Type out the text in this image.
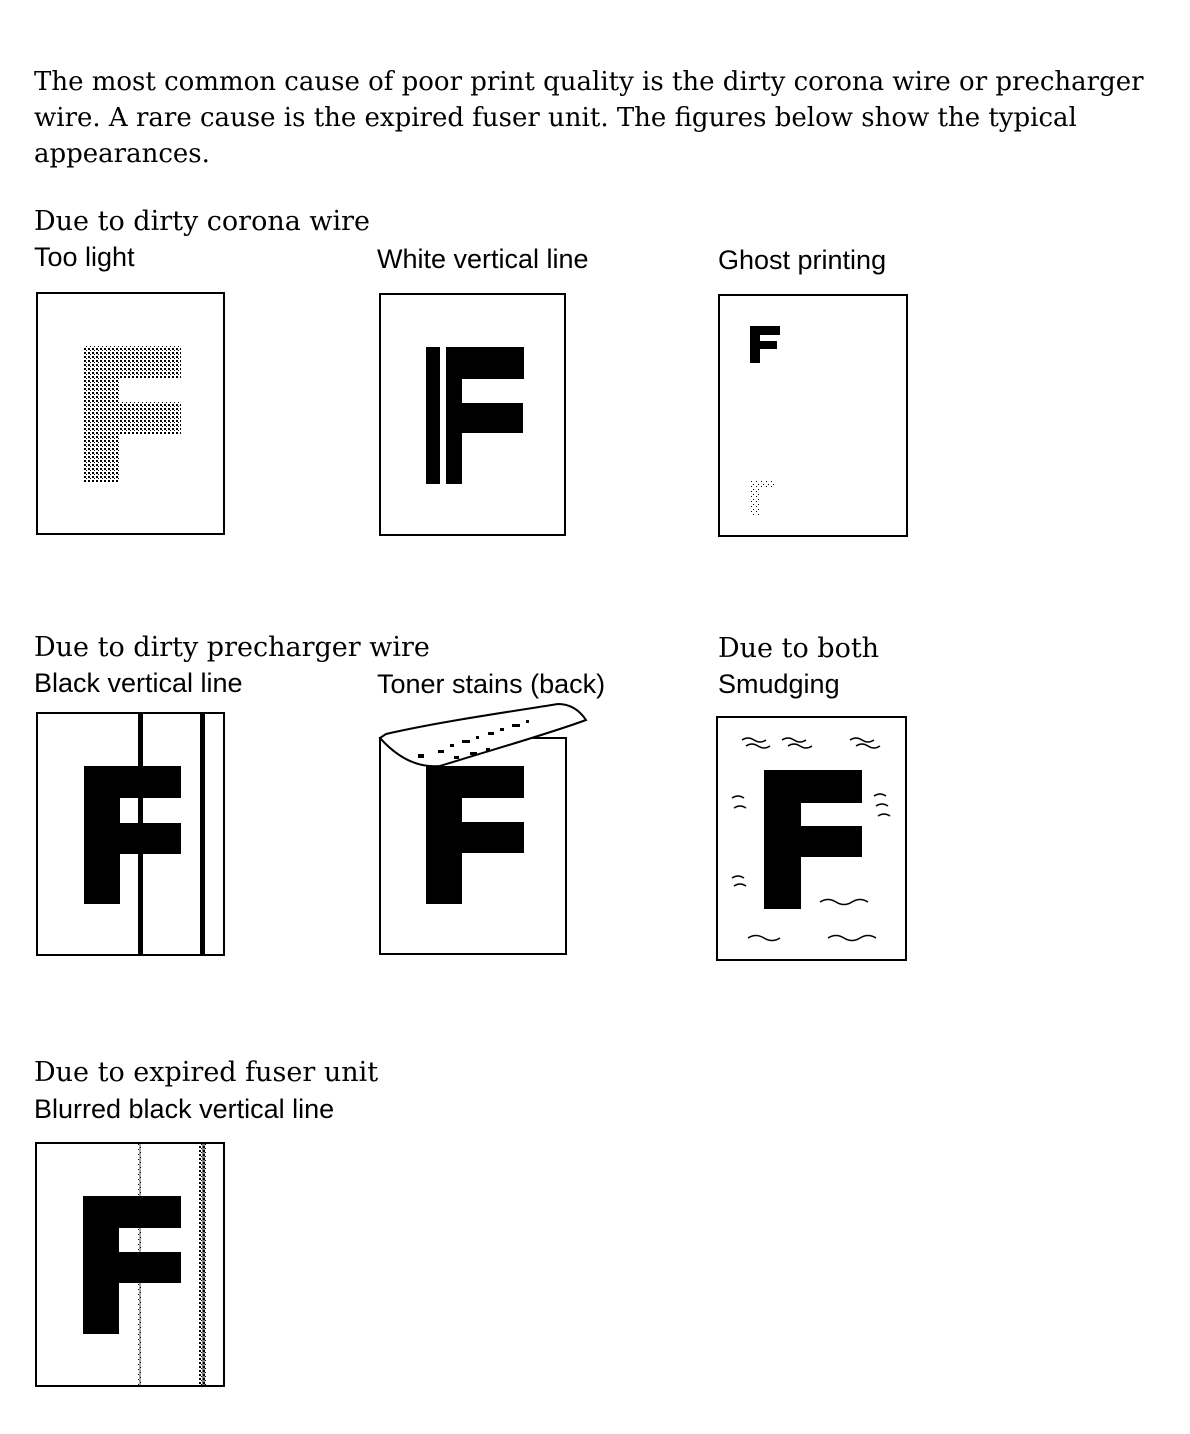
The most common cause of poor print quality is the dirty corona wire or precharger
wire. A rare cause is the expired fuser unit. The figures below show the typical
appearances.

Due to dirty corona wire
Too light	White vertical line	Ghost printing
Due to dirty precharger wire
Black vertical line	Toner stains (back)
Due to both
Smudging
Due to expired fuser unit
Blurred black vertical line
